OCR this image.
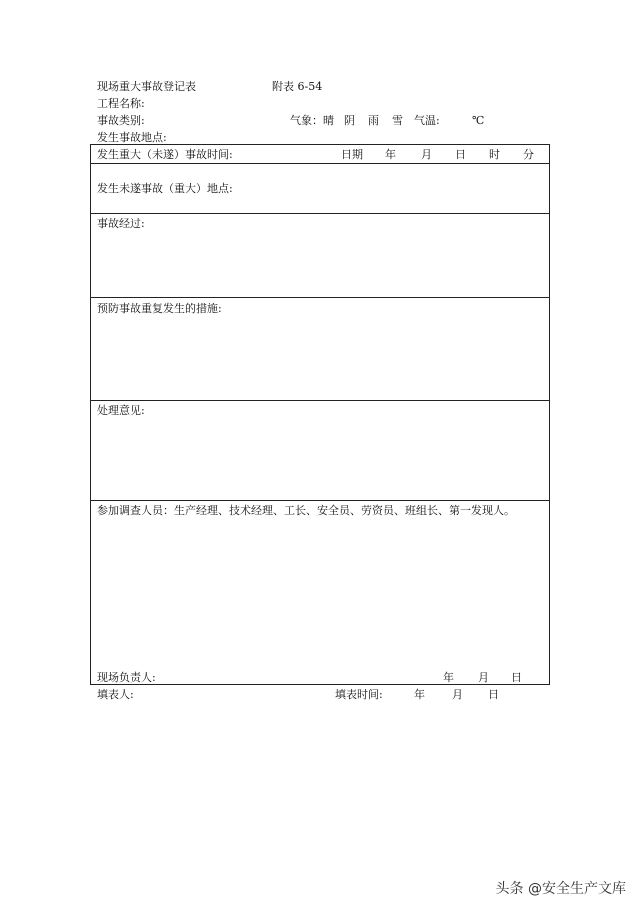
现场重大事故登记表	附表 6-54
工程名称:
事故类别:	气象： 晴 阴 雨 雪 气温:	℃
发生事故地点:
发生重大（未遂）事故时间:	日期 年 月 日 时 分
发生未遂事故（重大）地点:
事故经过:
预防事故重复发生的措施:
处理意见:
参加调查人员：生产经理、技术经理、工长、安全员、劳资员、班组长、第一发现人。
现场负责人:	年 月 日
填表人:	填表时间:	年 月 日
头条 @安全生产文库
